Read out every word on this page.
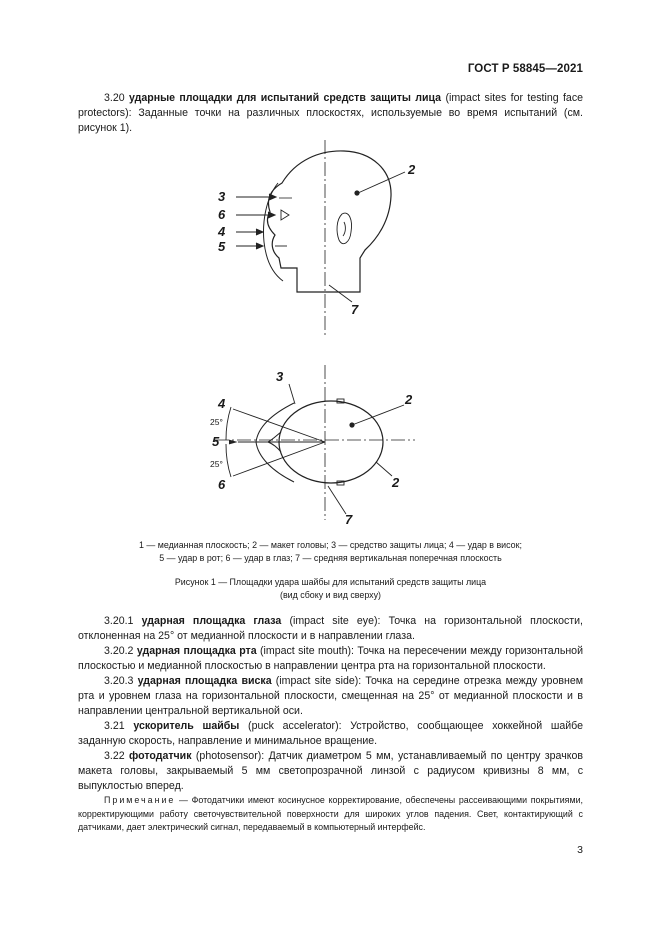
ГОСТ Р 58845—2021
3.20 ударные площадки для испытаний средств защиты лица (impact sites for testing face protectors): Заданные точки на различных плоскостях, используемые во время испытаний (см. рисунок 1).
3
6
4
5
2
7
3
4
5
6
2
2
7
25°
25°
1 — медианная плоскость; 2 — макет головы; 3 — средство защиты лица; 4 — удар в висок;
5 — удар в рот; 6 — удар в глаз; 7 — средняя вертикальная поперечная плоскость
Рисунок 1 — Площадки удара шайбы для испытаний средств защиты лица
(вид сбоку и вид сверху)
3.20.1 ударная площадка глаза (impact site eye): Точка на горизонтальной плоскости, отклоненная на 25° от медианной плоскости и в направлении глаза.
3.20.2 ударная площадка рта (impact site mouth): Точка на пересечении между горизонтальной плоскостью и медианной плоскостью в направлении центра рта на горизонтальной плоскости.
3.20.3 ударная площадка виска (impact site side): Точка на середине отрезка между уровнем рта и уровнем глаза на горизонтальной плоскости, смещенная на 25° от медианной плоскости и в направлении центральной вертикальной оси.
3.21 ускоритель шайбы (puck accelerator): Устройство, сообщающее хоккейной шайбе заданную скорость, направление и минимальное вращение.
3.22 фотодатчик (photosensor): Датчик диаметром 5 мм, устанавливаемый по центру зрачков макета головы, закрываемый 5 мм светопрозрачной линзой с радиусом кривизны 8 мм, с выпуклостью вперед.
Примечание — Фотодатчики имеют косинусное корректирование, обеспечены рассеивающими покрытиями, корректирующими работу светочувствительной поверхности для широких углов падения. Свет, контактирующий с датчиками, дает электрический сигнал, передаваемый в компьютерный интерфейс.
3
